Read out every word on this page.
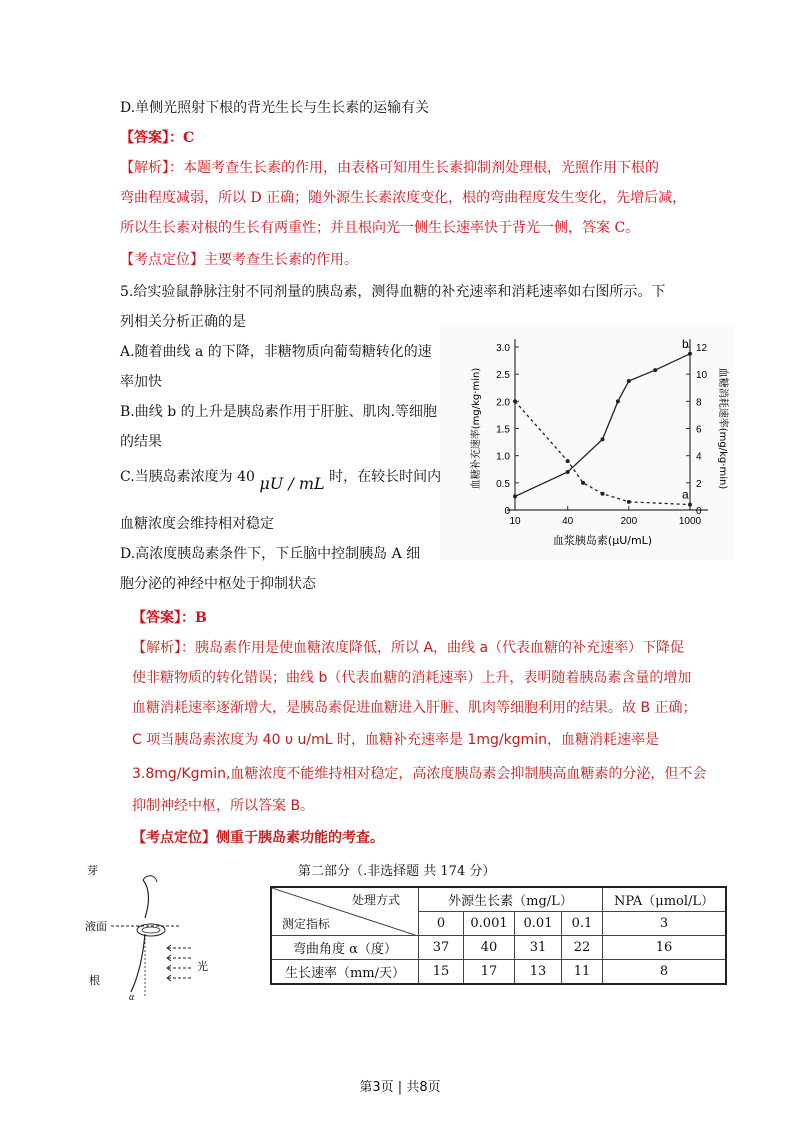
D.单侧光照射下根的背光生长与生长素的运输有关
【答案】：C
【解析】：本题考查生长素的作用，由表格可知用生长素抑制剂处理根，光照作用下根的
弯曲程度减弱，所以 D 正确；随外源生长素浓度变化，根的弯曲程度发生变化，先增后减，
所以生长素对根的生长有两重性；并且根向光一侧生长速率快于背光一侧，答案 C。
【考点定位】主要考查生长素的作用。
5.给实验鼠静脉注射不同剂量的胰岛素，测得血糖的补充速率和消耗速率如右图所示。下
列相关分析正确的是
A.随着曲线 a 的下降，非糖物质向葡萄糖转化的速
率加快
B.曲线 b 的上升是胰岛素作用于肝脏、肌肉.等细胞
的结果
C.当胰岛素浓度为 40 μU / mL 时，在较长时间内
血糖浓度会维持相对稳定
D.高浓度胰岛素条件下，下丘脑中控制胰岛 A 细
胞分泌的神经中枢处于抑制状态
0
0.5
1.0
1.5
2.0
2.5
3.0
0
2
4
6
8
10
12
10	40	200	1000
a
b
血浆胰岛素(μU/mL)
血糖补充速率(mg/kg·min)	血糖消耗速率(mg/kg·min)
【答案】：B
【解析】：胰岛素作用是使血糖浓度降低，所以 A，曲线 a（代表血糖的补充速率）下降促
使非糖物质的转化错误；曲线 b（代表血糖的消耗速率）上升，表明随着胰岛素含量的增加
血糖消耗速率逐渐增大，是胰岛素促进血糖进入肝脏、肌肉等细胞利用的结果。故 B 正确；
C 项当胰岛素浓度为 40 υ u/mL 时，血糖补充速率是 1mg/kgmin，血糖消耗速率是
3.8mg/Kgmin,血糖浓度不能维持相对稳定，高浓度胰岛素会抑制胰高血糖素的分泌，但不会
抑制神经中枢，所以答案 B。
【考点定位】侧重于胰岛素功能的考查。
第二部分（.非选择题 共 174 分）
芽
液面
光
根
α
处理方式
测定指标	外源生长素（mg/L）				NPA（μmol/L）
	0	0.001	0.01	0.1	3
弯曲角度 α（度）	37	40	31	22	16
生长速率（mm/天）	15	17	13	11	8
第3页 | 共8页
